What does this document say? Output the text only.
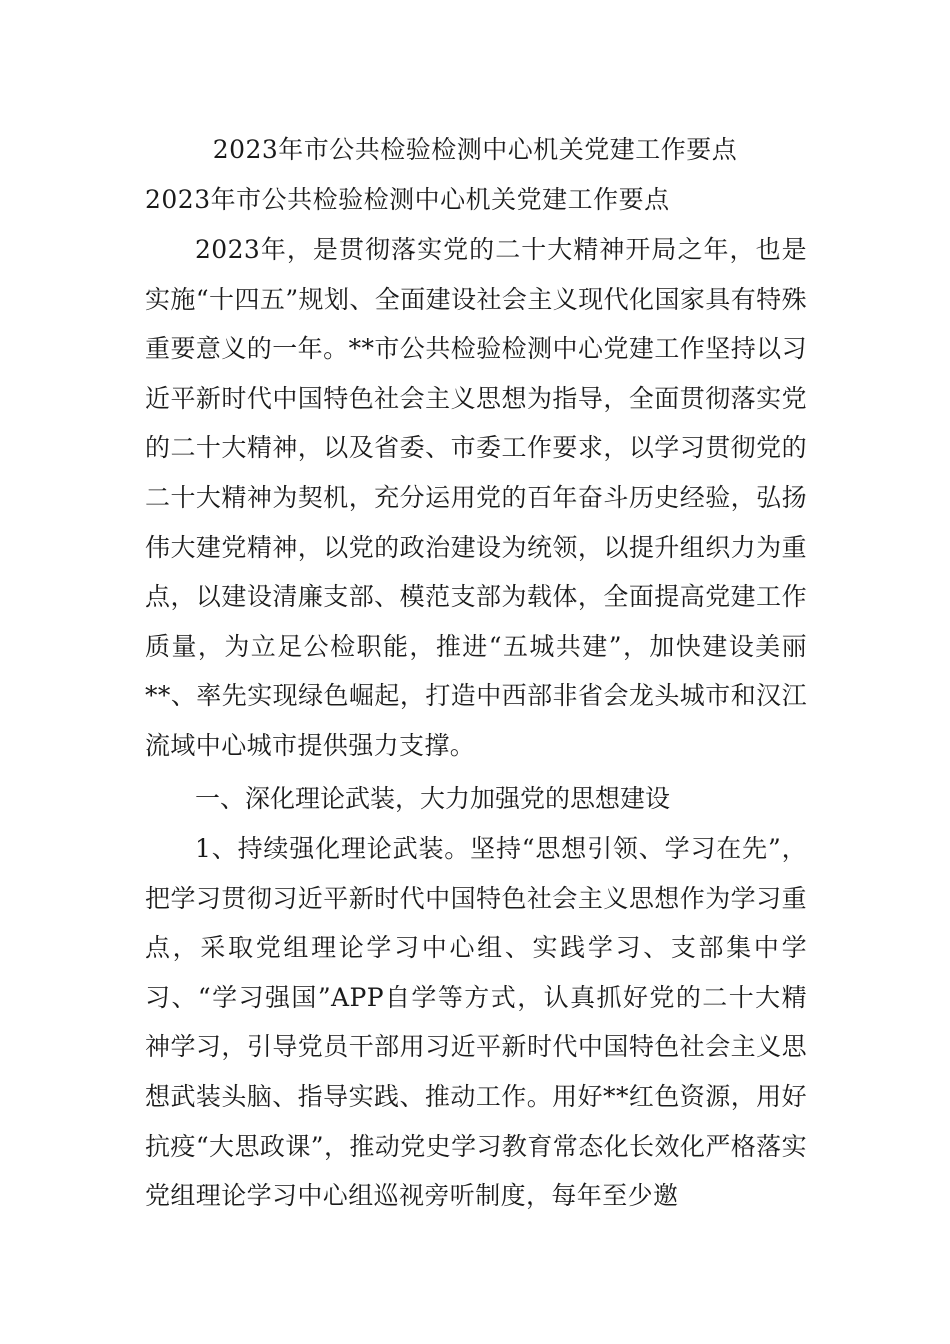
2023年市公共检验检测中心机关党建工作要点
2023年市公共检验检测中心机关党建工作要点

2023年，是贯彻落实党的二十大精神开局之年，也是实施“十四五”规划、全面建设社会主义现代化国家具有特殊重要意义的一年。**市公共检验检测中心党建工作坚持以习近平新时代中国特色社会主义思想为指导，全面贯彻落实党的二十大精神，以及省委、市委工作要求，以学习贯彻党的二十大精神为契机，充分运用党的百年奋斗历史经验，弘扬伟大建党精神，以党的政治建设为统领，以提升组织力为重点，以建设清廉支部、模范支部为载体，全面提高党建工作质量，为立足公检职能，推进“五城共建”，加快建设美丽**、率先实现绿色崛起，打造中西部非省会龙头城市和汉江流域中心城市提供强力支撑。

一、深化理论武装，大力加强党的思想建设

1、持续强化理论武装。坚持“思想引领、学习在先”，把学习贯彻习近平新时代中国特色社会主义思想作为学习重点，采取党组理论学习中心组、实践学习、支部集中学习、“学习强国”APP自学等方式，认真抓好党的二十大精神学习，引导党员干部用习近平新时代中国特色社会主义思想武装头脑、指导实践、推动工作。用好**红色资源，用好抗疫“大思政课”，推动党史学习教育常态化长效化严格落实党组理论学习中心组巡视旁听制度，每年至少邀
